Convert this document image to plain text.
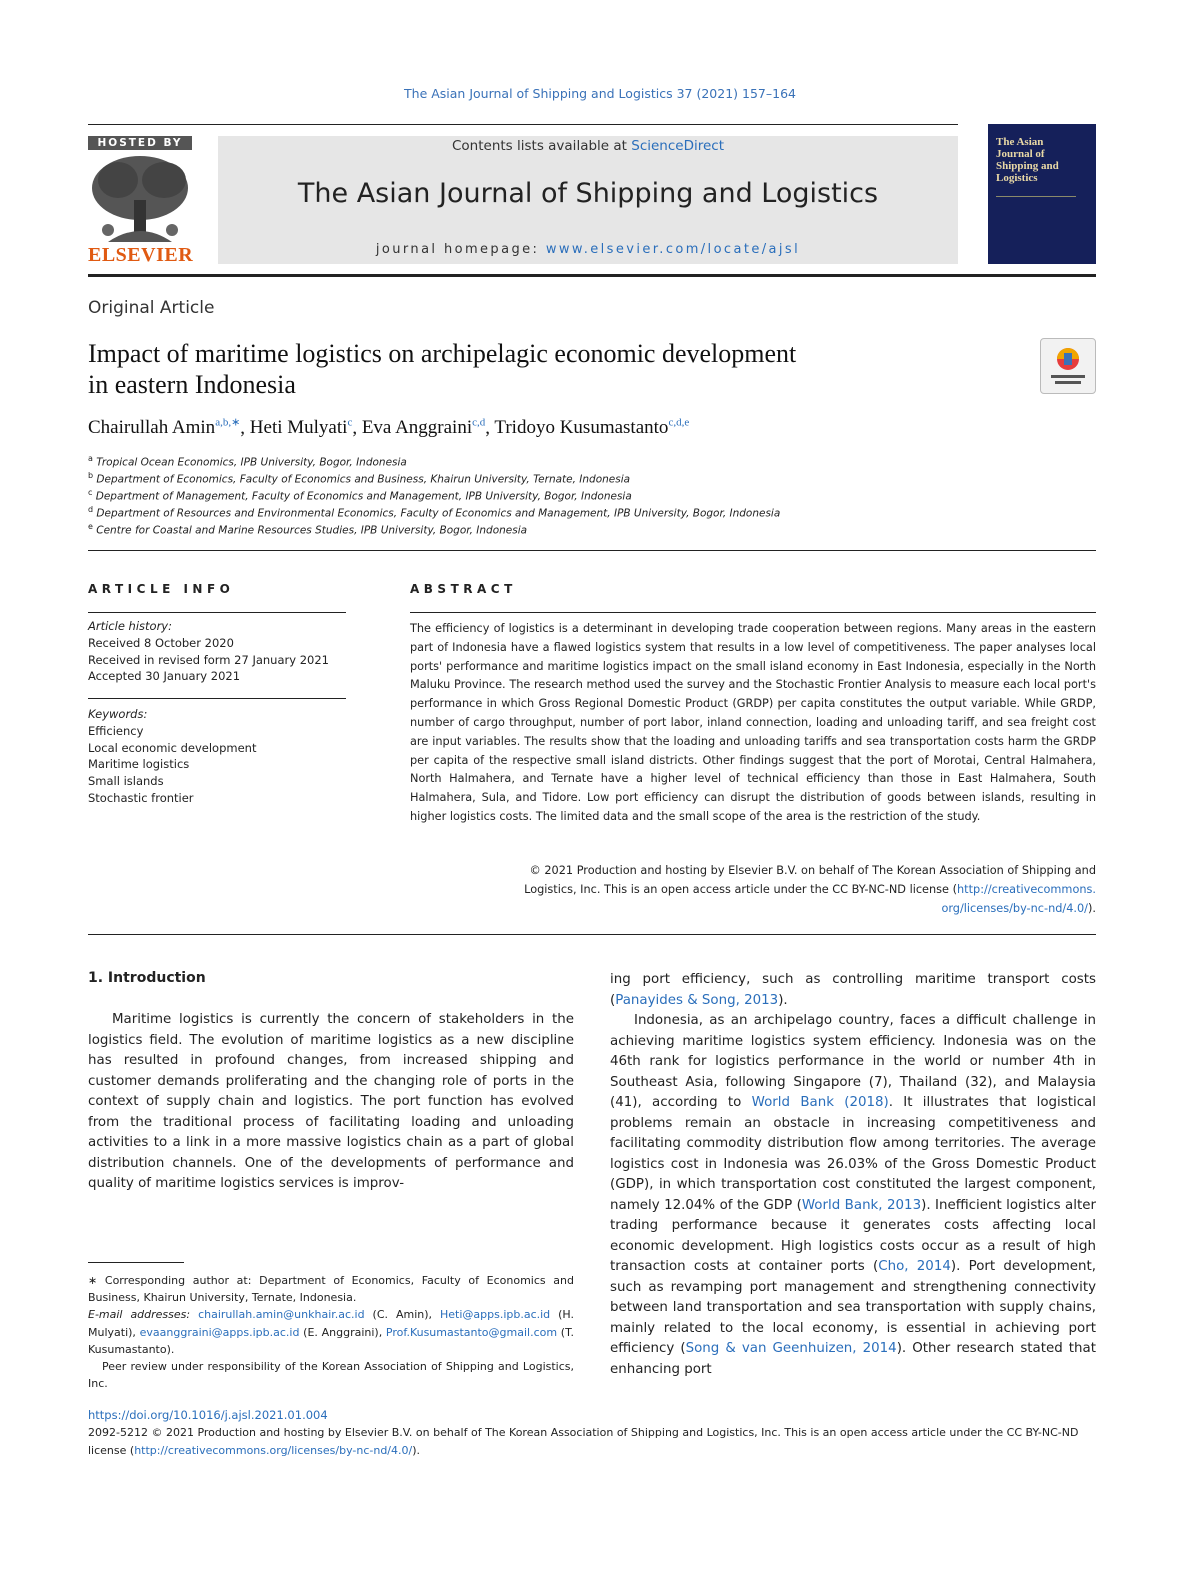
The Asian Journal of Shipping and Logistics 37 (2021) 157–164
HOSTED BY
ELSEVIER
Contents lists available at ScienceDirect
The Asian Journal of Shipping and Logistics
journal homepage: www.elsevier.com/locate/ajsl
The Asian Journal of Shipping and Logistics
Original Article
Impact of maritime logistics on archipelagic economic development
in eastern Indonesia
Chairullah Amin$^{a,b,∗}$, Heti Mulyati$^c$, Eva Anggraini$^{c,d}$, Tridoyo Kusumastanto$^{c,d,e}$
$^a$ Tropical Ocean Economics, IPB University, Bogor, Indonesia
$^b$ Department of Economics, Faculty of Economics and Business, Khairun University, Ternate, Indonesia
$^c$ Department of Management, Faculty of Economics and Management, IPB University, Bogor, Indonesia
$^d$ Department of Resources and Environmental Economics, Faculty of Economics and Management, IPB University, Bogor, Indonesia
$^e$ Centre for Coastal and Marine Resources Studies, IPB University, Bogor, Indonesia
ARTICLE INFO
Article history:
Received 8 October 2020
Received in revised form 27 January 2021
Accepted 30 January 2021
Keywords:
Efficiency
Local economic development
Maritime logistics
Small islands
Stochastic frontier
ABSTRACT
The efficiency of logistics is a determinant in developing trade cooperation between regions. Many areas in the eastern part of Indonesia have a flawed logistics system that results in a low level of competitiveness. The paper analyses local ports' performance and maritime logistics impact on the small island economy in East Indonesia, especially in the North Maluku Province. The research method used the survey and the Stochastic Frontier Analysis to measure each local port's performance in which Gross Regional Domestic Product (GRDP) per capita constitutes the output variable. While GRDP, number of cargo throughput, number of port labor, inland connection, loading and unloading tariff, and sea freight cost are input variables. The results show that the loading and unloading tariffs and sea transportation costs harm the GRDP per capita of the respective small island districts. Other findings suggest that the port of Morotai, Central Halmahera, North Halmahera, and Ternate have a higher level of technical efficiency than those in East Halmahera, South Halmahera, Sula, and Tidore. Low port efficiency can disrupt the distribution of goods between islands, resulting in higher logistics costs. The limited data and the small scope of the area is the restriction of the study.
© 2021 Production and hosting by Elsevier B.V. on behalf of The Korean Association of Shipping and
Logistics, Inc. This is an open access article under the CC BY-NC-ND license (http://creativecommons.
org/licenses/by-nc-nd/4.0/).
1. Introduction
Maritime logistics is currently the concern of stakeholders in the logistics field. The evolution of maritime logistics as a new discipline has resulted in profound changes, from increased shipping and customer demands proliferating and the changing role of ports in the context of supply chain and logistics. The port function has evolved from the traditional process of facilitating loading and unloading activities to a link in a more massive logistics chain as a part of global distribution channels. One of the developments of performance and quality of maritime logistics services is improv-
ing port efficiency, such as controlling maritime transport costs (Panayides & Song, 2013).
Indonesia, as an archipelago country, faces a difficult challenge in achieving maritime logistics system efficiency. Indonesia was on the 46th rank for logistics performance in the world or number 4th in Southeast Asia, following Singapore (7), Thailand (32), and Malaysia (41), according to World Bank (2018). It illustrates that logistical problems remain an obstacle in increasing competitiveness and facilitating commodity distribution flow among territories. The average logistics cost in Indonesia was 26.03% of the Gross Domestic Product (GDP), in which transportation cost constituted the largest component, namely 12.04% of the GDP (World Bank, 2013). Inefficient logistics alter trading performance because it generates costs affecting local economic development. High logistics costs occur as a result of high transaction costs at container ports (Cho, 2014). Port development, such as revamping port management and strengthening connectivity between land transportation and sea transportation with supply chains, mainly related to the local economy, is essential in achieving port efficiency (Song & van Geenhuizen, 2014). Other research stated that enhancing port
∗ Corresponding author at: Department of Economics, Faculty of Economics and Business, Khairun University, Ternate, Indonesia.
E-mail addresses: chairullah.amin@unkhair.ac.id (C. Amin), Heti@apps.ipb.ac.id (H. Mulyati), evaanggraini@apps.ipb.ac.id (E. Anggraini), Prof.Kusumastanto@gmail.com (T. Kusumastanto).
Peer review under responsibility of the Korean Association of Shipping and Logistics, Inc.
https://doi.org/10.1016/j.ajsl.2021.01.004
2092-5212 © 2021 Production and hosting by Elsevier B.V. on behalf of The Korean Association of Shipping and Logistics, Inc. This is an open access article under the CC BY-NC-ND license (http://creativecommons.org/licenses/by-nc-nd/4.0/).
